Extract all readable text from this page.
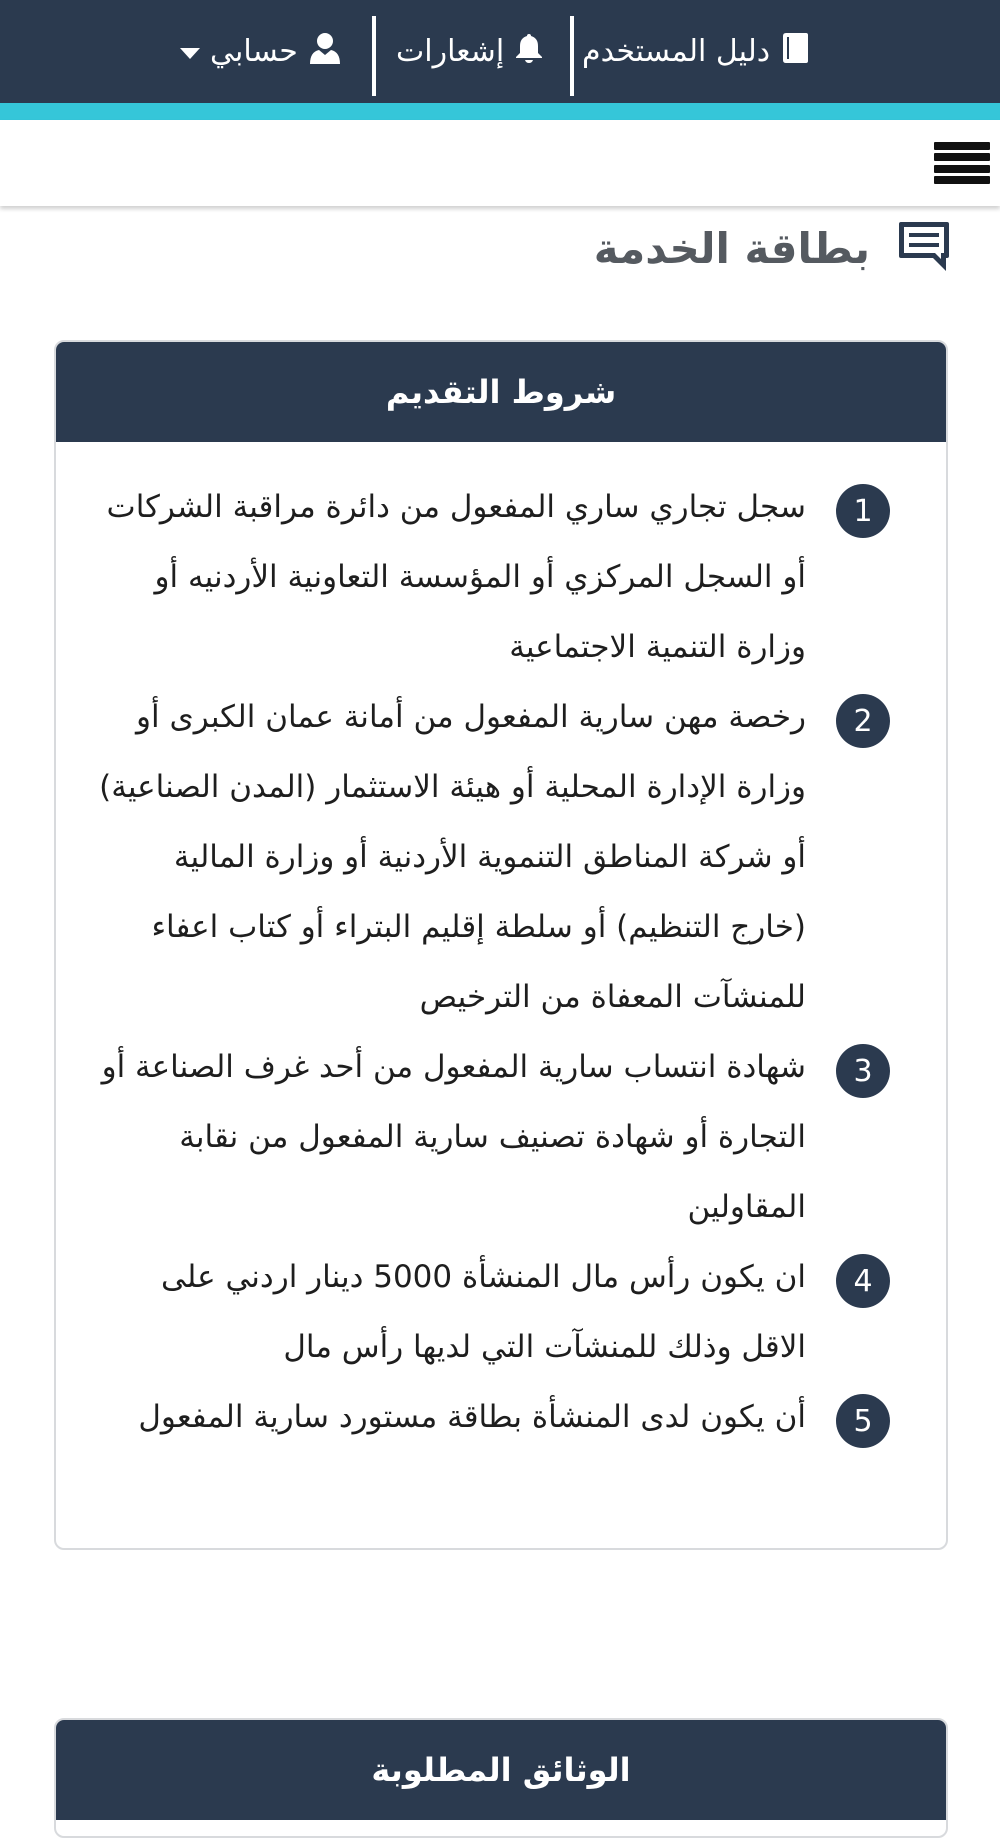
دليل المستخدم
إشعارات
حسابي
بطاقة الخدمة
شروط التقديم
1
سجل تجاري ساري المفعول من دائرة مراقبة الشركات أو السجل المركزي أو المؤسسة التعاونية الأردنيه أو وزارة التنمية الاجتماعية
2
رخصة مهن سارية المفعول من أمانة عمان الكبرى أو وزارة الإدارة المحلية أو هيئة الاستثمار (المدن الصناعية) أو شركة المناطق التنموية الأردنية أو وزارة المالية (خارج التنظيم) أو سلطة إقليم البتراء أو كتاب اعفاء للمنشآت المعفاة من الترخيص
3
شهادة انتساب سارية المفعول من أحد غرف الصناعة أو التجارة أو شهادة تصنيف سارية المفعول من نقابة المقاولين
4
ان يكون رأس مال المنشأة 5000 دينار اردني على الاقل وذلك للمنشآت التي لديها رأس مال
5
أن يكون لدى المنشأة بطاقة مستورد سارية المفعول
الوثائق المطلوبة
